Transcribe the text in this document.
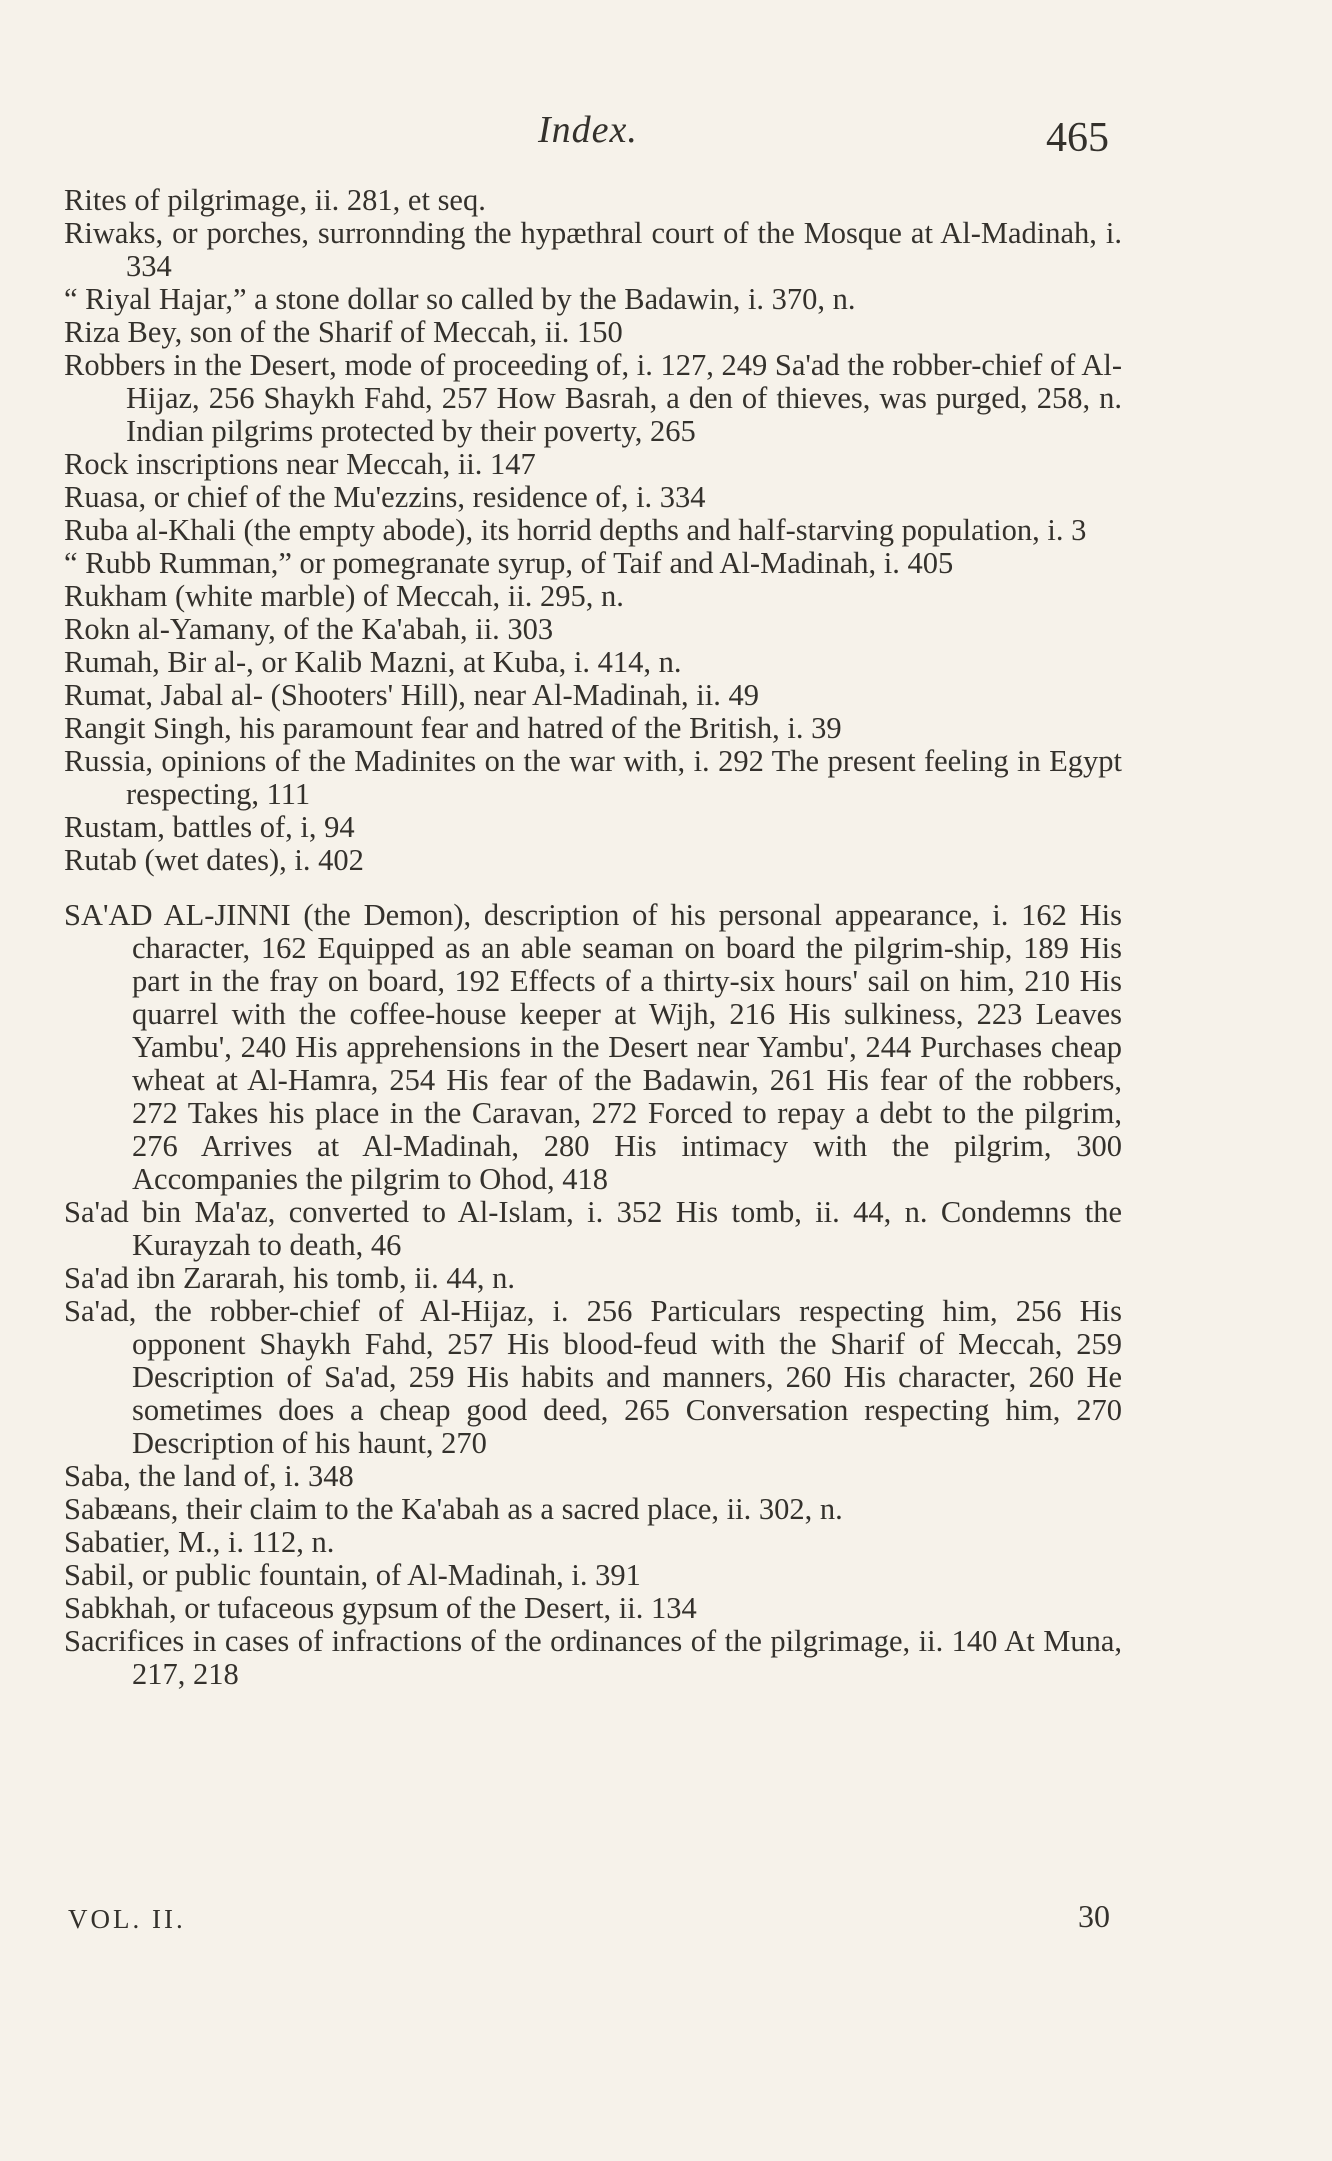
Index.	465

Rites of pilgrimage, ii. 281, et seq.

Riwaks, or porches, surronnding the hypæthral court of the Mosque at Al-Madinah, i. 334

“ Riyal Hajar,” a stone dollar so called by the Badawin, i. 370, n.

Riza Bey, son of the Sharif of Meccah, ii. 150

Robbers in the Desert, mode of proceeding of, i. 127, 249 Sa'ad the robber-chief of Al-Hijaz, 256 Shaykh Fahd, 257 How Basrah, a den of thieves, was purged, 258, n. Indian pilgrims protected by their poverty, 265

Rock inscriptions near Meccah, ii. 147

Ruasa, or chief of the Mu'ezzins, residence of, i. 334

Ruba al-Khali (the empty abode), its horrid depths and half-starving population, i. 3

“ Rubb Rumman,” or pomegranate syrup, of Taif and Al-Madinah, i. 405

Rukham (white marble) of Meccah, ii. 295, n.

Rokn al-Yamany, of the Ka'abah, ii. 303

Rumah, Bir al-, or Kalib Mazni, at Kuba, i. 414, n.

Rumat, Jabal al- (Shooters' Hill), near Al-Madinah, ii. 49

Rangit Singh, his paramount fear and hatred of the British, i. 39

Russia, opinions of the Madinites on the war with, i. 292 The present feeling in Egypt respecting, 111

Rustam, battles of, i, 94

Rutab (wet dates), i. 402

SA'AD AL-JINNI (the Demon), description of his personal appearance, i. 162 His character, 162 Equipped as an able seaman on board the pilgrim-ship, 189 His part in the fray on board, 192 Effects of a thirty-six hours' sail on him, 210 His quarrel with the coffee-house keeper at Wijh, 216 His sulkiness, 223 Leaves Yambu', 240 His apprehensions in the Desert near Yambu', 244 Purchases cheap wheat at Al-Hamra, 254 His fear of the Badawin, 261 His fear of the robbers, 272 Takes his place in the Caravan, 272 Forced to repay a debt to the pilgrim, 276 Arrives at Al-Madinah, 280 His intimacy with the pilgrim, 300 Accompanies the pilgrim to Ohod, 418

Sa'ad bin Ma'az, converted to Al-Islam, i. 352 His tomb, ii. 44, n. Condemns the Kurayzah to death, 46

Sa'ad ibn Zararah, his tomb, ii. 44, n.

Sa'ad, the robber-chief of Al-Hijaz, i. 256 Particulars respecting him, 256 His opponent Shaykh Fahd, 257 His blood-feud with the Sharif of Meccah, 259 Description of Sa'ad, 259 His habits and manners, 260 His character, 260 He sometimes does a cheap good deed, 265 Conversation respecting him, 270 Description of his haunt, 270

Saba, the land of, i. 348

Sabæans, their claim to the Ka'abah as a sacred place, ii. 302, n.

Sabatier, M., i. 112, n.

Sabil, or public fountain, of Al-Madinah, i. 391

Sabkhah, or tufaceous gypsum of the Desert, ii. 134

Sacrifices in cases of infractions of the ordinances of the pilgrimage, ii. 140 At Muna, 217, 218

VOL. II.	30
